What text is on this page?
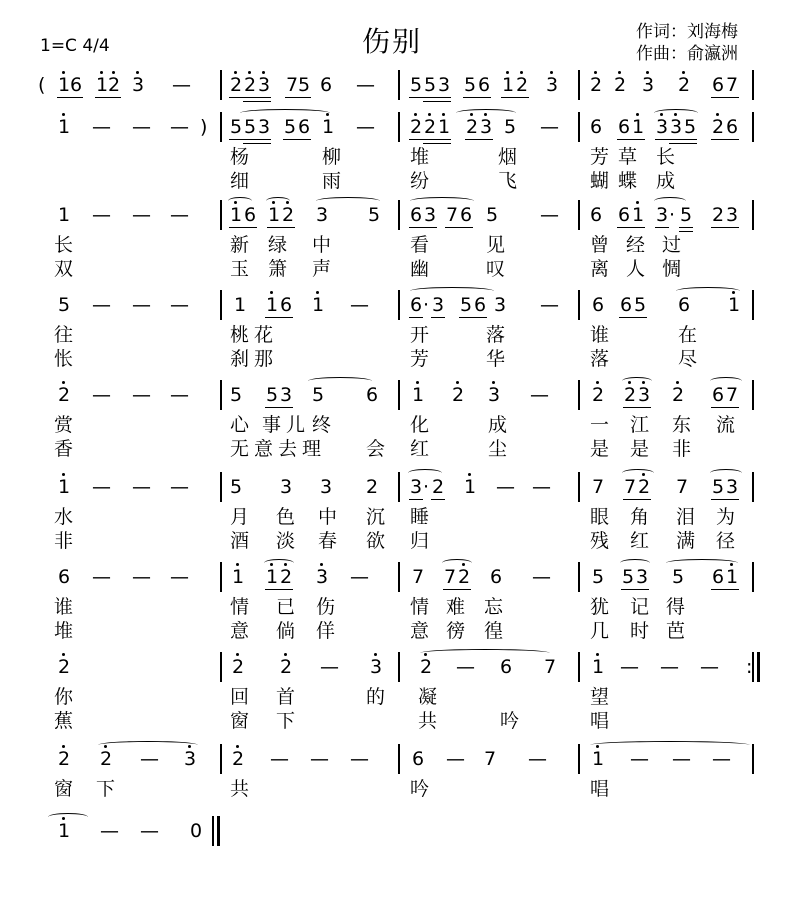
1=C 4/4	伤别	作词：刘海梅
作曲：俞瀛洲
( 1 6 1 2 3 — 2 2 3 7 5 6 — 5 5 3 5 6 1 2 3 2 2 3 2 6 7
1 — — — ) 5 5 3 5 6 1 — 2 2 1 2 3 5 — 6 6 1 3 3 5 2 6
杨	柳	堆	烟	芳 草 长
细	雨	纷	飞	蝴 蝶 成
1 — — — 1 6 1 2 3 5 6 3 7 6 5 — 6 6 1 3 · 5 2 3
长	新 绿 中	看	见	曾 经 过
双	玉 箫 声	幽	叹	离 人 惆
5 — — — 1 1 6 1 — 6 · 3 5 6 3 — 6 6 5 6 1
往	桃 花	开	落	谁	在
怅	刹 那	芳	华	落	尽
2 — — — 5 5 3 5 6 1 2 3 — 2 2 3 2 6 7
赏	心 事 儿 终	化	成	一 江 东 流
香	无 意 去 理 会 红	尘	是 是 非
1 — — — 5 3 3 2 3 · 2 1 — — 7 7 2 7 5 3
水	月 色 中 沉 睡	眼 角 泪 为
非	酒 淡 春 欲 归	残 红 满 径
6 — — — 1 1 2 3 — 7 7 2 6 — 5 5 3 5 6 1
谁	情 已 伤	情 难 忘	犹 记 得
堆	意 倘 佯	意 徬 徨	几 时 芭
2	2 2 — 3 2 — 6 7 1 — — — :
你	回 首	的 凝	望
蕉	窗 下	共	吟	唱
2 2 — 3 2 — — — 6 — 7 — 1 — — —
窗 下	共	吟	唱
1 — — 0
